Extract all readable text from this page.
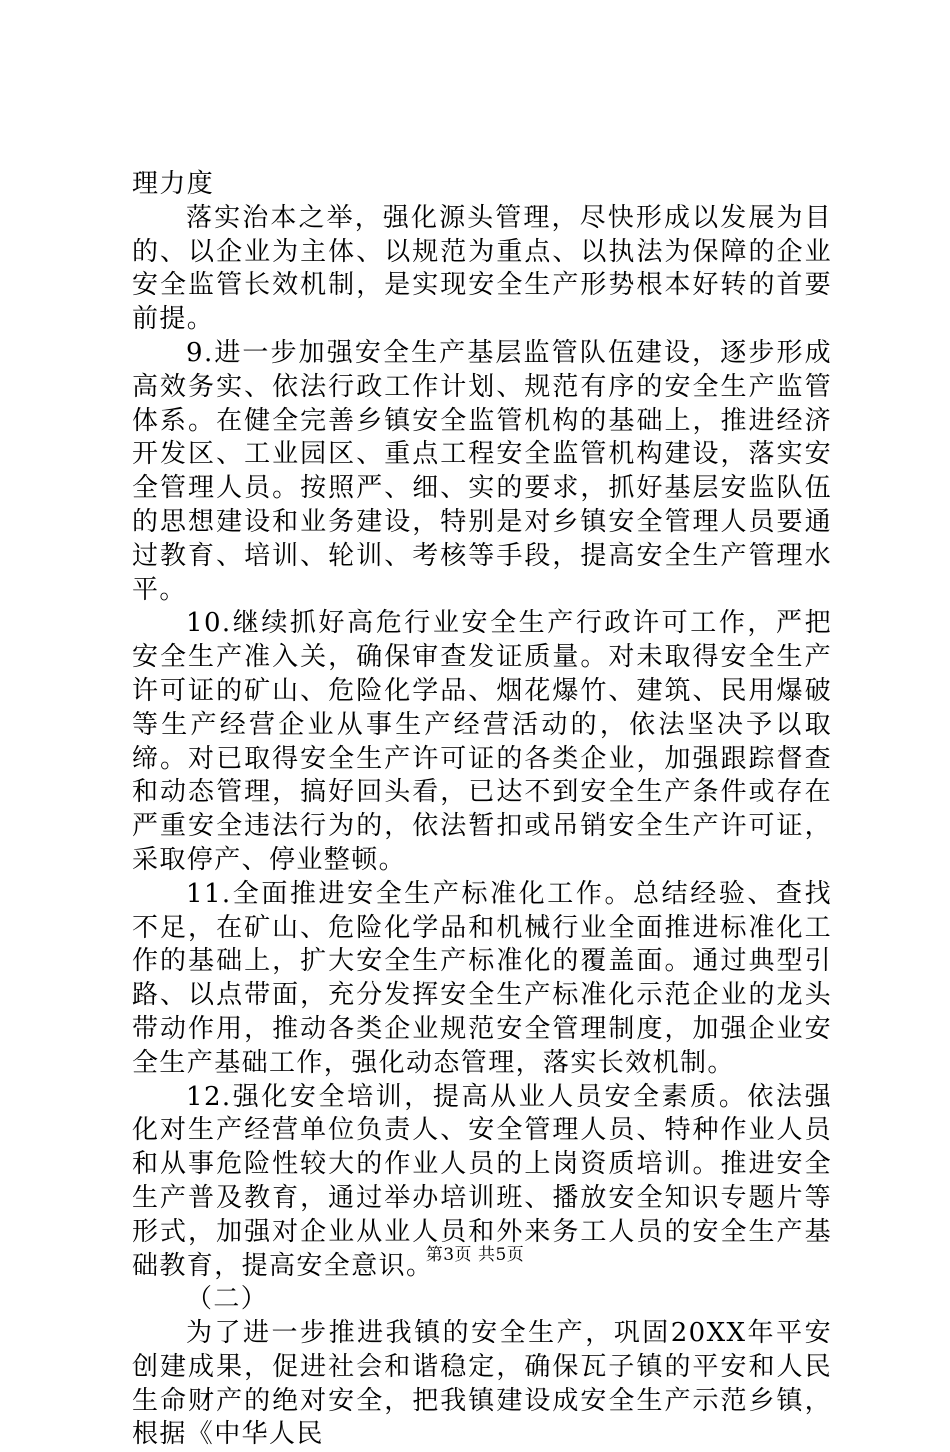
理力度

落实治本之举，强化源头管理，尽快形成以发展为目的、以企业为主体、以规范为重点、以执法为保障的企业安全监管长效机制，是实现安全生产形势根本好转的首要前提。

9.进一步加强安全生产基层监管队伍建设，逐步形成高效务实、依法行政工作计划、规范有序的安全生产监管体系。在健全完善乡镇安全监管机构的基础上，推进经济开发区、工业园区、重点工程安全监管机构建设，落实安全管理人员。按照严、细、实的要求，抓好基层安监队伍的思想建设和业务建设，特别是对乡镇安全管理人员要通过教育、培训、轮训、考核等手段，提高安全生产管理水平。

10.继续抓好高危行业安全生产行政许可工作，严把安全生产准入关，确保审查发证质量。对未取得安全生产许可证的矿山、危险化学品、烟花爆竹、建筑、民用爆破等生产经营企业从事生产经营活动的，依法坚决予以取缔。对已取得安全生产许可证的各类企业，加强跟踪督查和动态管理，搞好回头看，已达不到安全生产条件或存在严重安全违法行为的，依法暂扣或吊销安全生产许可证，采取停产、停业整顿。

11.全面推进安全生产标准化工作。总结经验、查找不足，在矿山、危险化学品和机械行业全面推进标准化工作的基础上，扩大安全生产标准化的覆盖面。通过典型引路、以点带面，充分发挥安全生产标准化示范企业的龙头带动作用，推动各类企业规范安全管理制度，加强企业安全生产基础工作，强化动态管理，落实长效机制。

12.强化安全培训，提高从业人员安全素质。依法强化对生产经营单位负责人、安全管理人员、特种作业人员和从事危险性较大的作业人员的上岗资质培训。推进安全生产普及教育，通过举办培训班、播放安全知识专题片等形式，加强对企业从业人员和外来务工人员的安全生产基础教育，提高安全意识。

（二）

为了进一步推进我镇的安全生产，巩固20XX年平安创建成果，促进社会和谐稳定，确保瓦子镇的平安和人民生命财产的绝对安全，把我镇建设成安全生产示范乡镇，根据《中华人民

第3页 共5页
